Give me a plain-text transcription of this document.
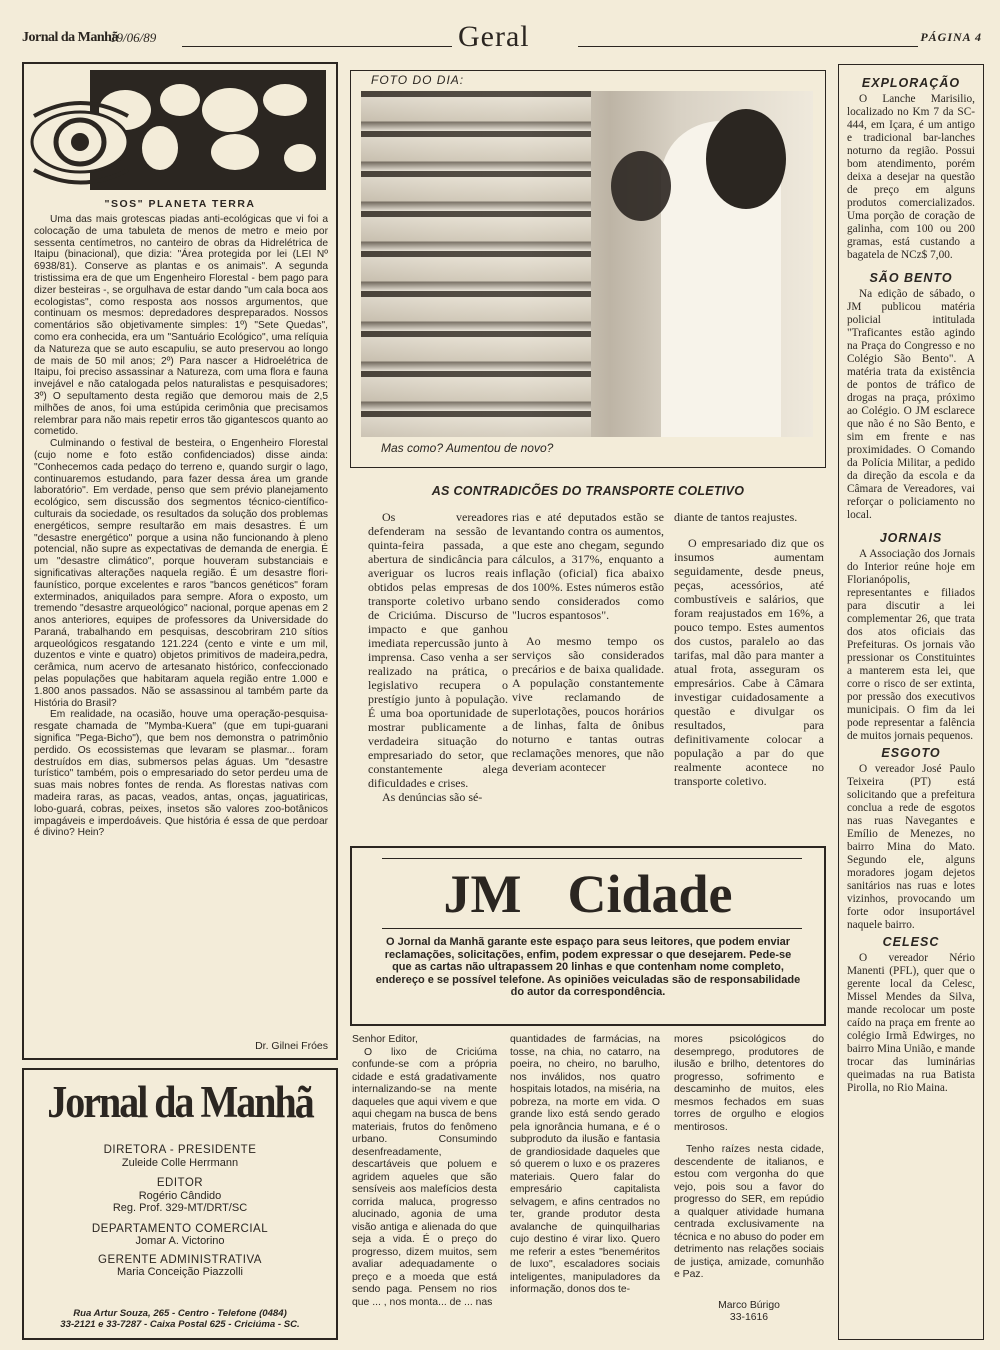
Jornal da Manhã
19/06/89	Geral	PÁGINA 4
"SOS" PLANETA TERRA

Uma das mais grotescas piadas anti-ecológicas que vi foi a colocação de uma tabuleta de menos de metro e meio por sessenta centímetros, no canteiro de obras da Hidrelétrica de Itaipu (binacional), que dizia: "Área protegida por lei (LEI Nº 6938/81). Conserve as plantas e os animais". A segunda tristissima era de que um Engenheiro Florestal - bem pago para dizer besteiras -, se orgulhava de estar dando "um cala boca aos ecologistas", como resposta aos nossos argumentos, que continuam os mesmos: depredadores despreparados. Nossos comentários são objetivamente simples: 1º) "Sete Quedas", como era conhecida, era um "Santuário Ecológico", uma relíquia da Natureza que se auto escapuliu, se auto preservou ao longo de mais de 50 mil anos; 2º) Para nascer a Hidroelétrica de Itaipu, foi preciso assassinar a Natureza, com uma flora e fauna invejável e não catalogada pelos naturalistas e pesquisadores; 3º) O sepultamento desta região que demorou mais de 2,5 milhões de anos, foi uma estúpida cerimônia que precisamos relembrar para não mais repetir erros tão gigantescos quanto ao cometido.

Culminando o festival de besteira, o Engenheiro Florestal (cujo nome e foto estão confidenciados) disse ainda: "Conhecemos cada pedaço do terreno e, quando surgir o lago, continuaremos estudando, para fazer dessa área um grande laboratório". Em verdade, penso que sem prévio planejamento ecológico, sem discussão dos segmentos técnico-científico-culturais da sociedade, os resultados da solução dos problemas energéticos, sempre resultarão em mais desastres. É um "desastre energético" porque a usina não funcionando à pleno potencial, não supre as expectativas de demanda de energia. É um "desastre climático", porque houveram substanciais e significativas alterações naquela região. É um desastre flori-faunístico, porque excelentes e raros "bancos genéticos" foram exterminados, aniquilados para sempre. Afora o exposto, um tremendo "desastre arqueológico" nacional, porque apenas em 2 anos anteriores, equipes de professores da Universidade do Paraná, trabalhando em pesquisas, descobriram 210 sítios arqueológicos resgatando 121.224 (cento e vinte e um mil, duzentos e vinte e quatro) objetos primitivos de madeira,pedra, cerâmica, num acervo de artesanato histórico, confeccionado pelas populações que habitaram aquela região entre 1.000 e 1.800 anos passados. Não se assassinou al também parte da História do Brasil?

Em realidade, na ocasião, houve uma operação-pesquisa-resgate chamada de "Mymba-Kuera" (que em tupi-guarani significa "Pega-Bicho"), que bem nos demonstra o patrimônio perdido. Os ecossistemas que levaram se plasmar... foram destruídos em dias, submersos pelas águas. Um "desastre turístico" também, pois o empresariado do setor perdeu uma de suas mais nobres fontes de renda. As florestas nativas com madeira raras, as pacas, veados, antas, onças, jaguatiricas, lobo-guará, cobras, peixes, insetos são valores zoo-botânicos impagáveis e imperdoáveis. Que história é essa de que perdoar é divino? Hein?

Dr. Gilnei Fróes
Jornal da Manhã
DIRETORA - PRESIDENTE
Zuleide Colle Herrmann
EDITOR
Rogério Cândido
Reg. Prof. 329-MT/DRT/SC
DEPARTAMENTO COMERCIAL
Jomar A. Victorino
GERENTE ADMINISTRATIVA
Maria Conceição Piazzolli
Rua Artur Souza, 265 - Centro - Telefone (0484)
33-2121 e 33-7287 - Caixa Postal 625 - Criciúma - SC.
FOTO DO DIA:
Mas como? Aumentou de novo?
AS CONTRADICÕES DO TRANSPORTE COLETIVO

Os vereadores defenderam na sessão de quinta-feira passada, a abertura de sindicância para averiguar os lucros reais obtidos pelas empresas de transporte coletivo urbano de Criciúma. Discurso de impacto e que ganhou imediata repercussão junto à imprensa. Caso venha a ser realizado na prática, o legislativo recupera o prestígio junto à população. É uma boa oportunidade de mostrar publicamente a verdadeira situação do empresariado do setor, que constantemente alega dificuldades e crises.

As denúncias são sé-

rias e até deputados estão se levantando contra os aumentos, que este ano chegam, segundo cálculos, a 317%, enquanto a inflação (oficial) fica abaixo dos 100%. Estes números estão sendo considerados como "lucros espantosos".

Ao mesmo tempo os serviços são considerados precários e de baixa qualidade. A população constantemente vive reclamando de superlotações, poucos horários de linhas, falta de ônibus noturno e tantas outras reclamações menores, que não deveriam acontecer

diante de tantos reajustes.

O empresariado diz que os insumos aumentam seguidamente, desde pneus, peças, acessórios, até combustíveis e salários, que foram reajustados em 16%, a pouco tempo. Estes aumentos dos custos, paralelo ao das tarifas, mal dão para manter a atual frota, asseguram os empresários. Cabe à Câmara investigar cuidadosamente a questão e divulgar os resultados, para definitivamente colocar a população a par do que realmente acontece no transporte coletivo.

JM Cidade
O Jornal da Manhã garante este espaço para seus leitores, que podem enviar reclamações, solicitações, enfim, podem expressar o que desejarem. Pede-se que as cartas não ultrapassem 20 linhas e que contenham nome completo, endereço e se possível telefone. As opiniões veiculadas são de responsabilidade do autor da correspondência.
Senhor Editor,

O lixo de Criciúma confunde-se com a própria cidade e está gradativamente internalizando-se na mente daqueles que aqui vivem e que aqui chegam na busca de bens materiais, frutos do fenômeno urbano. Consumindo desenfreadamente, descartáveis que poluem e agridem aqueles que são sensíveis aos malefícios desta corrida maluca, progresso alucinado, agonia de uma visão antiga e alienada do que seja a vida. É o preço do progresso, dizem muitos, sem avaliar adequadamente o preço e a moeda que está sendo paga. Pensem no rios que ... , nos monta... de ... nas

quantidades de farmácias, na tosse, na chia, no catarro, na poeira, no cheiro, no barulho, nos inválidos, nos quatro hospitais lotados, na miséria, na pobreza, na morte em vida. O grande lixo está sendo gerado pela ignorância humana, e é o subproduto da ilusão e fantasia de grandiosidade daqueles que só querem o luxo e os prazeres materiais. Quero falar do empresário capitalista selvagem, e afins centrados no ter, grande produtor desta avalanche de quinquilharias cujo destino é virar lixo. Quero me referir a estes "beneméritos de luxo", escaladores sociais inteligentes, manipuladores da informação, donos dos te-

mores psicológicos do desemprego, produtores de ilusão e brilho, detentores do progresso, sofrimento e descaminho de muitos, eles mesmos fechados em suas torres de orgulho e elogios mentirosos.

Tenho raízes nesta cidade, descendente de italianos, e estou com vergonha do que vejo, pois sou a favor do progresso do SER, em repúdio a qualquer atividade humana centrada exclusivamente na técnica e no abuso do poder em detrimento nas relações sociais de justiça, amizade, comunhão e Paz.

Marco Búrigo
33-1616
EXPLORAÇÃO

O Lanche Marisilio, localizado no Km 7 da SC-444, em Içara, é um antigo e tradicional bar-lanches noturno da região. Possui bom atendimento, porém deixa a desejar na questão de preço em alguns produtos comercializados. Uma porção de coração de galinha, com 100 ou 200 gramas, está custando a bagatela de NCz$ 7,00.

SÃO BENTO

Na edição de sábado, o JM publicou matéria policial intitulada "Traficantes estão agindo na Praça do Congresso e no Colégio São Bento". A matéria trata da existência de pontos de tráfico de drogas na praça, próximo ao Colégio. O JM esclarece que não é no São Bento, e sim em frente e nas proximidades. O Comando da Polícia Militar, a pedido da direção da escola e da Câmara de Vereadores, vai reforçar o policiamento no local.

JORNAIS

A Associação dos Jornais do Interior reúne hoje em Florianópolis, representantes e filiados para discutir a lei complementar 26, que trata dos atos oficiais das Prefeituras. Os jornais vão pressionar os Constituintes a manterem esta lei, que corre o risco de ser extinta, por pressão dos executivos municipais. O fim da lei pode representar a falência de muitos jornais pequenos.

ESGOTO

O vereador José Paulo Teixeira (PT) está solicitando que a prefeitura conclua a rede de esgotos nas ruas Navegantes e Emílio de Menezes, no bairro Mina do Mato. Segundo ele, alguns moradores jogam dejetos sanitários nas ruas e lotes vizinhos, provocando um forte odor insuportável naquele bairro.

CELESC

O vereador Nério Manenti (PFL), quer que o gerente local da Celesc, Missel Mendes da Silva, mande recolocar um poste caído na praça em frente ao colégio Irmã Edwirges, no bairro Mina União, e mande trocar das luminárias queimadas na rua Batista Pirolla, no Rio Maina.
